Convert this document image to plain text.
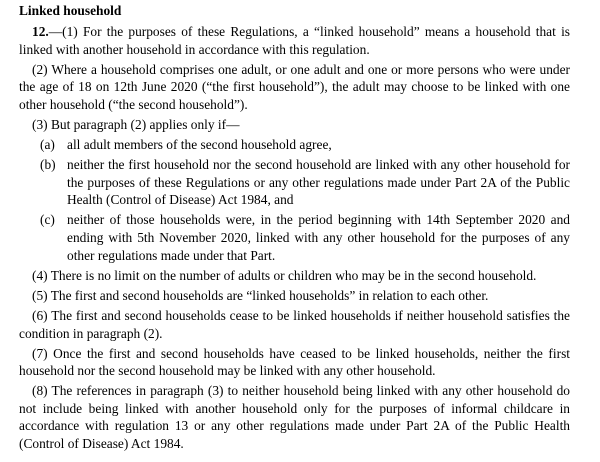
Linked household

12.—(1) For the purposes of these Regulations, a “linked household” means a household that is linked with another household in accordance with this regulation.

(2) Where a household comprises one adult, or one adult and one or more persons who were under the age of 18 on 12th June 2020 (“the first household”), the adult may choose to be linked with one other household (“the second household”).

(3) But paragraph (2) applies only if—

(a) all adult members of the second household agree,
(b) neither the first household nor the second household are linked with any other household for the purposes of these Regulations or any other regulations made under Part 2A of the Public Health (Control of Disease) Act 1984, and
(c) neither of those households were, in the period beginning with 14th September 2020 and ending with 5th November 2020, linked with any other household for the purposes of any other regulations made under that Part.

(4) There is no limit on the number of adults or children who may be in the second household.

(5) The first and second households are “linked households” in relation to each other.

(6) The first and second households cease to be linked households if neither household satisfies the condition in paragraph (2).

(7) Once the first and second households have ceased to be linked households, neither the first household nor the second household may be linked with any other household.

(8) The references in paragraph (3) to neither household being linked with any other household do not include being linked with another household only for the purposes of informal childcare in accordance with regulation 13 or any other regulations made under Part 2A of the Public Health (Control of Disease) Act 1984.
